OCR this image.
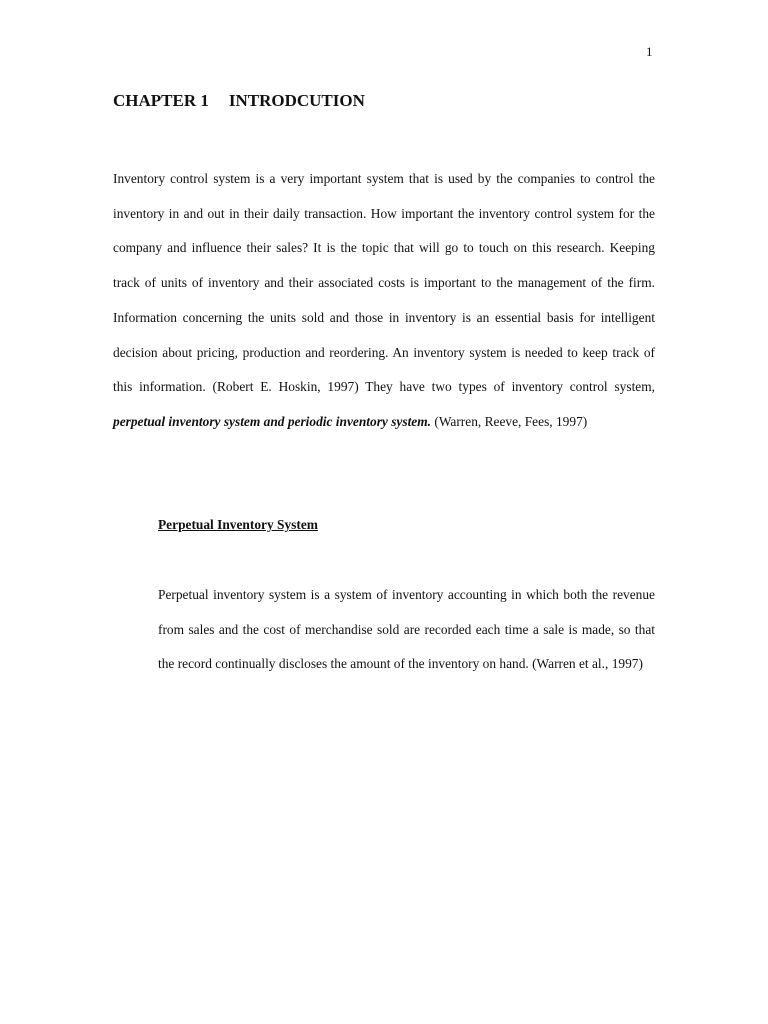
1
CHAPTER 1 INTRODCUTION

Inventory control system is a very important system that is used by the companies to control the inventory in and out in their daily transaction. How important the inventory control system for the company and influence their sales? It is the topic that will go to touch on this research. Keeping track of units of inventory and their associated costs is important to the management of the firm. Information concerning the units sold and those in inventory is an essential basis for intelligent decision about pricing, production and reordering. An inventory system is needed to keep track of this information. (Robert E. Hoskin, 1997) They have two types of inventory control system, perpetual inventory system and periodic inventory system. (Warren, Reeve, Fees, 1997)

Perpetual Inventory System

Perpetual inventory system is a system of inventory accounting in which both the revenue from sales and the cost of merchandise sold are recorded each time a sale is made, so that the record continually discloses the amount of the inventory on hand. (Warren et al., 1997)
